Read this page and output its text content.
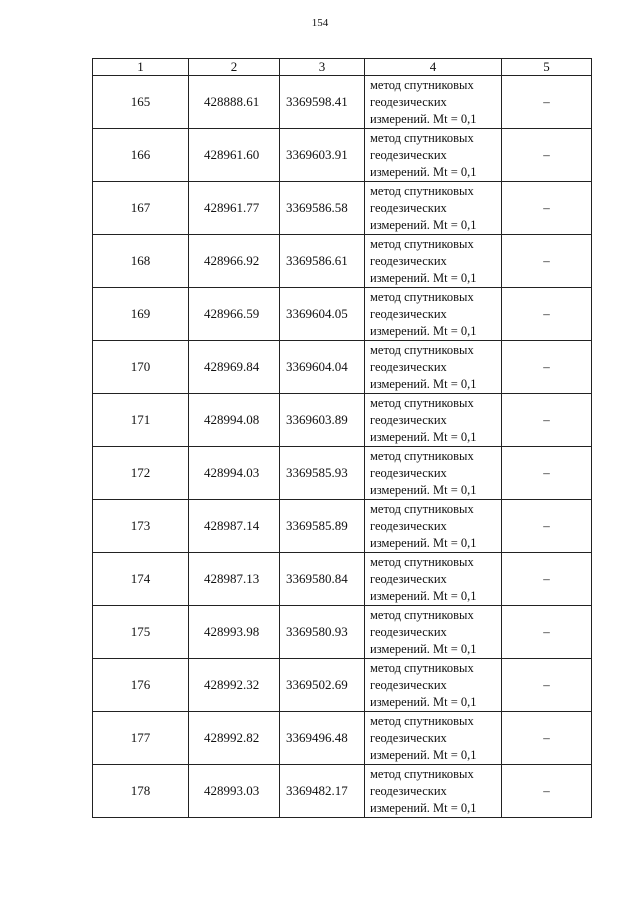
154
1	2	3	4	5
165	428888.61	3369598.41	метод спутниковых
геодезических
измерений. Mt = 0,1	–
166	428961.60	3369603.91	метод спутниковых
геодезических
измерений. Mt = 0,1	–
167	428961.77	3369586.58	метод спутниковых
геодезических
измерений. Mt = 0,1	–
168	428966.92	3369586.61	метод спутниковых
геодезических
измерений. Mt = 0,1	–
169	428966.59	3369604.05	метод спутниковых
геодезических
измерений. Mt = 0,1	–
170	428969.84	3369604.04	метод спутниковых
геодезических
измерений. Mt = 0,1	–
171	428994.08	3369603.89	метод спутниковых
геодезических
измерений. Mt = 0,1	–
172	428994.03	3369585.93	метод спутниковых
геодезических
измерений. Mt = 0,1	–
173	428987.14	3369585.89	метод спутниковых
геодезических
измерений. Mt = 0,1	–
174	428987.13	3369580.84	метод спутниковых
геодезических
измерений. Mt = 0,1	–
175	428993.98	3369580.93	метод спутниковых
геодезических
измерений. Mt = 0,1	–
176	428992.32	3369502.69	метод спутниковых
геодезических
измерений. Mt = 0,1	–
177	428992.82	3369496.48	метод спутниковых
геодезических
измерений. Mt = 0,1	–
178	428993.03	3369482.17	метод спутниковых
геодезических
измерений. Mt = 0,1	–
